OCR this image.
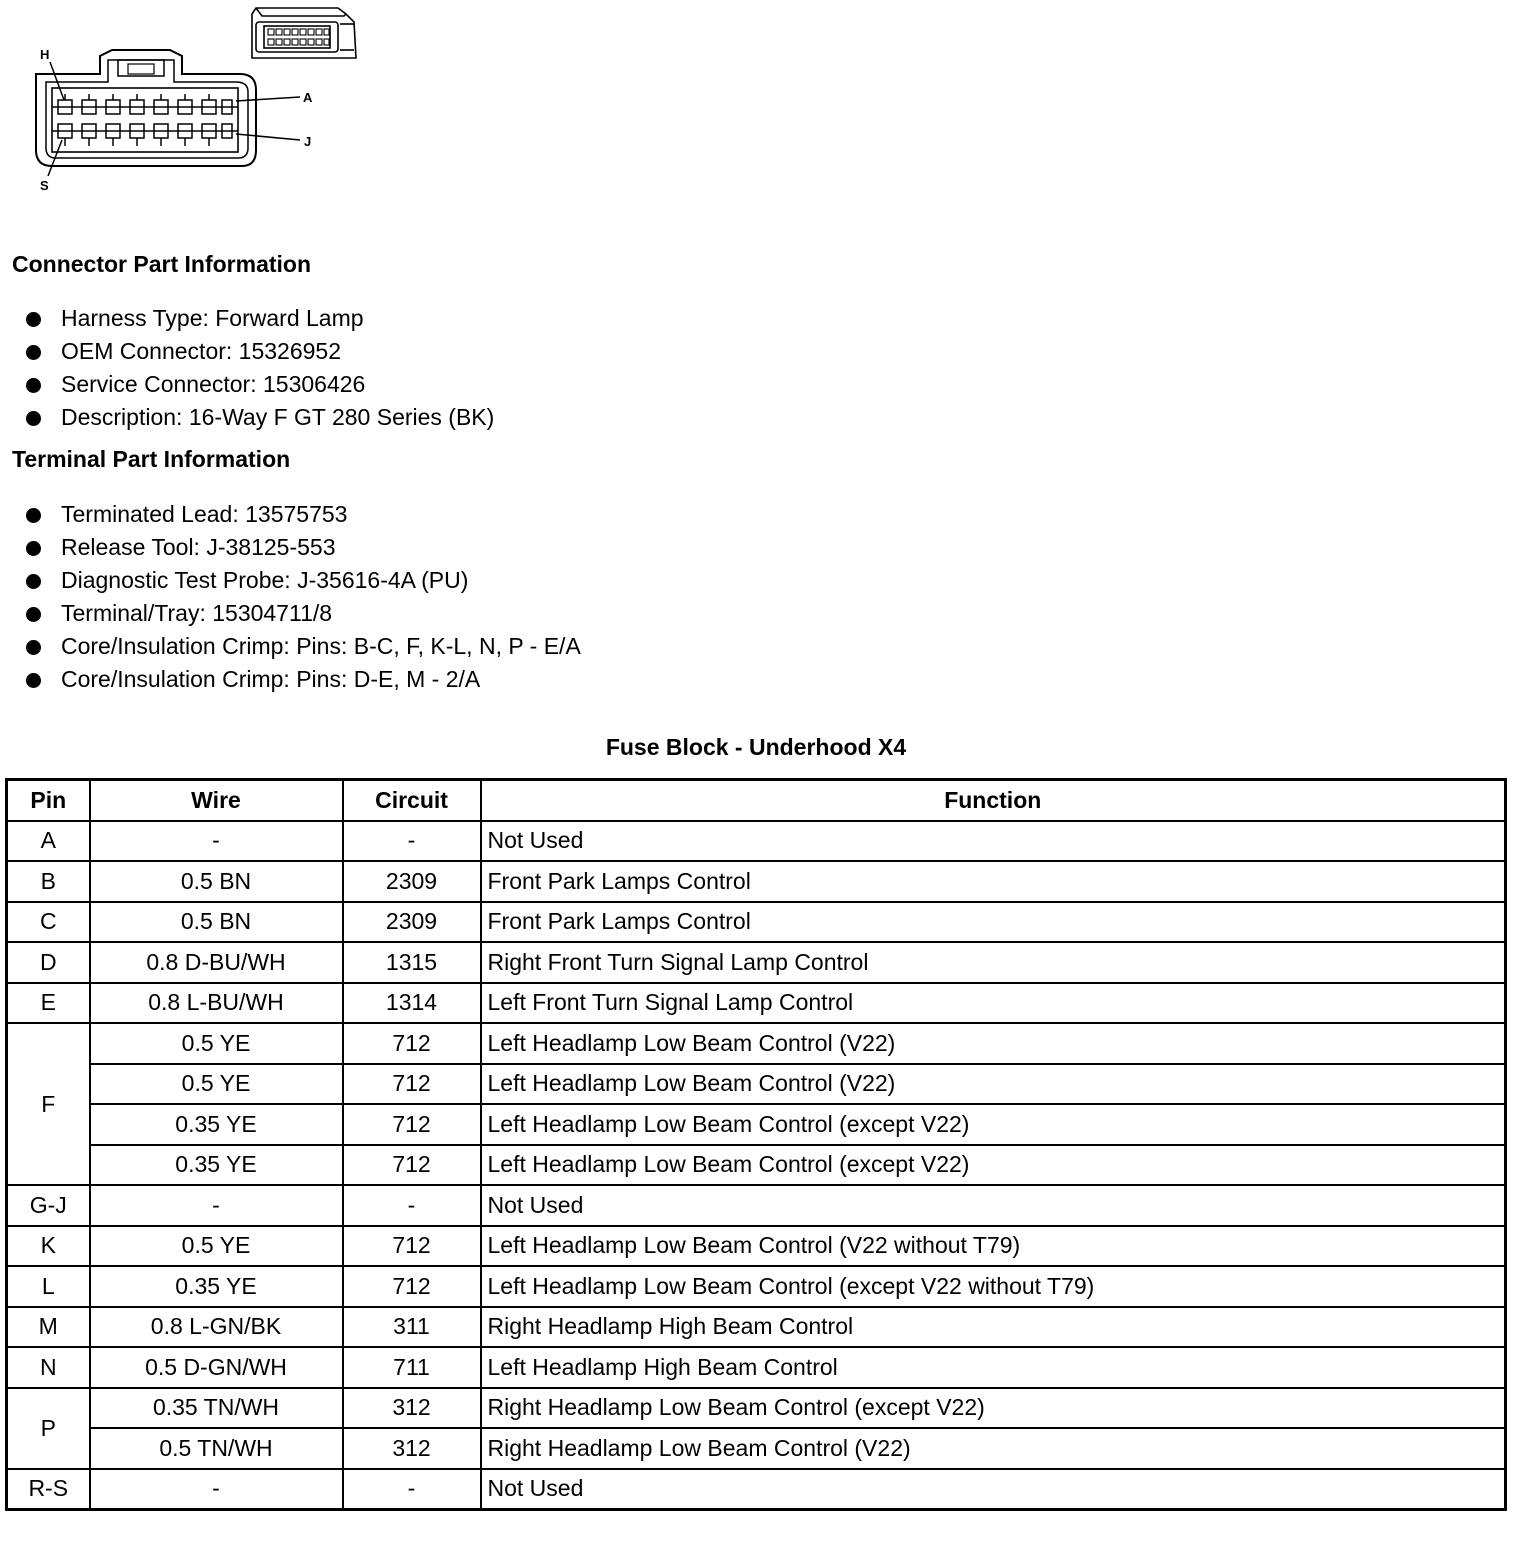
H
A
J
S
Connector Part Information
Harness Type: Forward Lamp
OEM Connector: 15326952
Service Connector: 15306426
Description: 16-Way F GT 280 Series (BK)
Terminal Part Information
Terminated Lead: 13575753
Release Tool: J-38125-553
Diagnostic Test Probe: J-35616-4A (PU)
Terminal/Tray: 15304711/8
Core/Insulation Crimp: Pins: B-C, F, K-L, N, P - E/A
Core/Insulation Crimp: Pins: D-E, M - 2/A
Fuse Block - Underhood X4
Pin	Wire	Circuit	Function
A	-	-	Not Used
B	0.5 BN	2309	Front Park Lamps Control
C	0.5 BN	2309	Front Park Lamps Control
D	0.8 D-BU/WH	1315	Right Front Turn Signal Lamp Control
E	0.8 L-BU/WH	1314	Left Front Turn Signal Lamp Control
F	0.5 YE	712	Left Headlamp Low Beam Control (V22)
	0.5 YE	712	Left Headlamp Low Beam Control (V22)
	0.35 YE	712	Left Headlamp Low Beam Control (except V22)
	0.35 YE	712	Left Headlamp Low Beam Control (except V22)
G-J	-	-	Not Used
K	0.5 YE	712	Left Headlamp Low Beam Control (V22 without T79)
L	0.35 YE	712	Left Headlamp Low Beam Control (except V22 without T79)
M	0.8 L-GN/BK	311	Right Headlamp High Beam Control
N	0.5 D-GN/WH	711	Left Headlamp High Beam Control
P	0.35 TN/WH	312	Right Headlamp Low Beam Control (except V22)
	0.5 TN/WH	312	Right Headlamp Low Beam Control (V22)
R-S	-	-	Not Used
